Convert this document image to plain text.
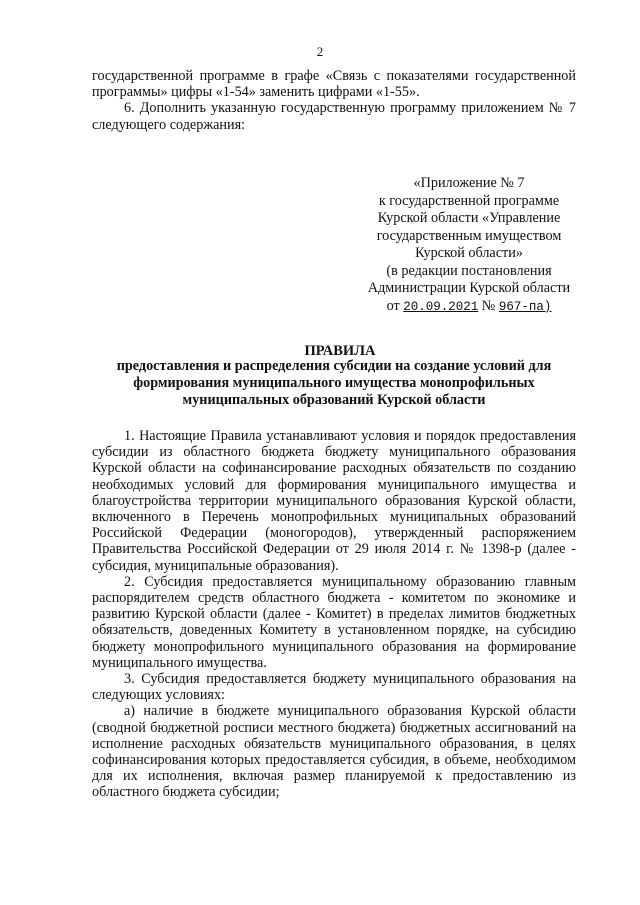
2

государственной программе в графе «Связь с показателями государственной программы» цифры «1-54» заменить цифрами «1-55».

6. Дополнить указанную государственную программу приложением № 7 следующего содержания:

«Приложение № 7
к государственной программе
Курской области «Управление
государственным имуществом
Курской области»
(в редакции постановления
Администрации Курской области
от 20.09.2021 № 967-па)
ПРАВИЛА
предоставления и распределения субсидии на создание условий для формирования муниципального имущества монопрофильных муниципальных образований Курской области

1. Настоящие Правила устанавливают условия и порядок предоставления субсидии из областного бюджета бюджету муниципального образования Курской области на софинансирование расходных обязательств по созданию необходимых условий для формирования муниципального имущества и благоустройства территории муниципального образования Курской области, включенного в Перечень монопрофильных муниципальных образований Российской Федерации (моногородов), утвержденный распоряжением Правительства Российской Федерации от 29 июля 2014 г. № 1398-р (далее - субсидия, муниципальные образования).

2. Субсидия предоставляется муниципальному образованию главным распорядителем средств областного бюджета - комитетом по экономике и развитию Курской области (далее - Комитет) в пределах лимитов бюджетных обязательств, доведенных Комитету в установленном порядке, на субсидию бюджету монопрофильного муниципального образования на формирование муниципального имущества.

3. Субсидия предоставляется бюджету муниципального образования на следующих условиях:

а) наличие в бюджете муниципального образования Курской области (сводной бюджетной росписи местного бюджета) бюджетных ассигнований на исполнение расходных обязательств муниципального образования, в целях софинансирования которых предоставляется субсидия, в объеме, необходимом для их исполнения, включая размер планируемой к предоставлению из областного бюджета субсидии;
